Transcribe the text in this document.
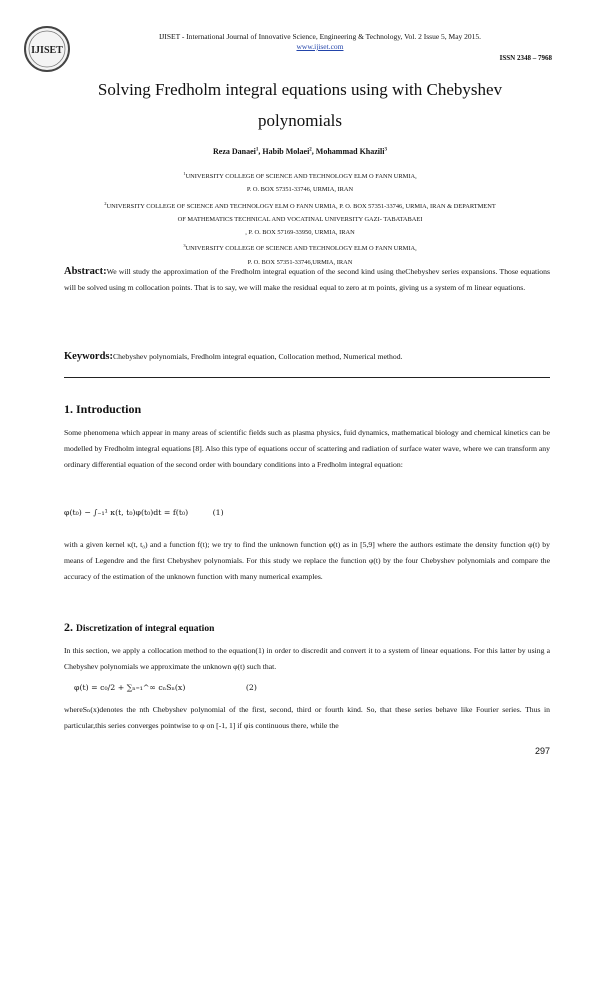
IJISET
IJISET - International Journal of Innovative Science, Engineering & Technology, Vol. 2 Issue 5, May 2015.
www.ijiset.com
ISSN 2348 – 7968
Solving Fredholm integral equations using with Chebyshev
polynomials
Reza Danaei$^1$, Habib Molaei$^2$, Mohammad Khazili$^3$
$^1$UNIVERSITY COLLEGE OF SCIENCE AND TECHNOLOGY ELM O FANN URMIA,
P. O. BOX 57351-33746, URMIA, IRAN
$^2$UNIVERSITY COLLEGE OF SCIENCE AND TECHNOLOGY ELM O FANN URMIA, P. O. BOX 57351-33746, URMIA, IRAN & DEPARTMENT
OF MATHEMATICS TECHNICAL AND VOCATINAL UNIVERSITY GAZI- TABATABAEI
, P. O. BOX 57169-33950, URMIA, IRAN
$^3$UNIVERSITY COLLEGE OF SCIENCE AND TECHNOLOGY ELM O FANN URMIA,
P. O. BOX 57351-33746,URMIA, IRAN
Abstract:We will study the approximation of the Fredholm integral equation of the second kind using theChebyshev series expansions. Those equations will be solved using m collocation points. That is to say, we will make the residual equal to zero at m points, giving us a system of m linear equations.
Keywords:Chebyshev polynomials, Fredholm integral equation, Collocation method, Numerical method.
1. Introduction
Some phenomena which appear in many areas of scientific fields such as plasma physics, fuid dynamics, mathematical biology and chemical kinetics can be modelled by Fredholm integral equations [8]. Also this type of equations occur of scattering and radiation of surface water wave, where we can transform any ordinary differential equation of the second order with boundary conditions into a Fredholm integral equation:
φ(t₀) − ∫₋₁¹ κ(t, t₀)φ(t₀)dt = f(t₀)	(1)
with a given kernel κ(t, t₀) and a function f(t); we try to find the unknown function φ(t) as in [5,9] where the authors estimate the density function φ(t) by means of Legendre and the first Chebyshev polynomials. For this study we replace the function φ(t) by the four Chebyshev polynomials and compare the accuracy of the estimation of the unknown function with many numerical examples.
2. Discretization of integral equation
In this section, we apply a collocation method to the equation(1) in order to discredit and convert it to a system of linear equations. For this latter by using a Chebyshev polynomials we approximate the unknown φ(t) such that.
φ(t) = c₀/2 + ∑ₙ₌₁^∞ cₙSₙ(x)	(2)
whereSₙ(x)denotes the nth Chebyshev polynomial of the first, second, third or fourth kind. So, that these series behave like Fourier series. Thus in particular,this series converges pointwise to φ on [-1, 1] if φis continuous there, while the
297
